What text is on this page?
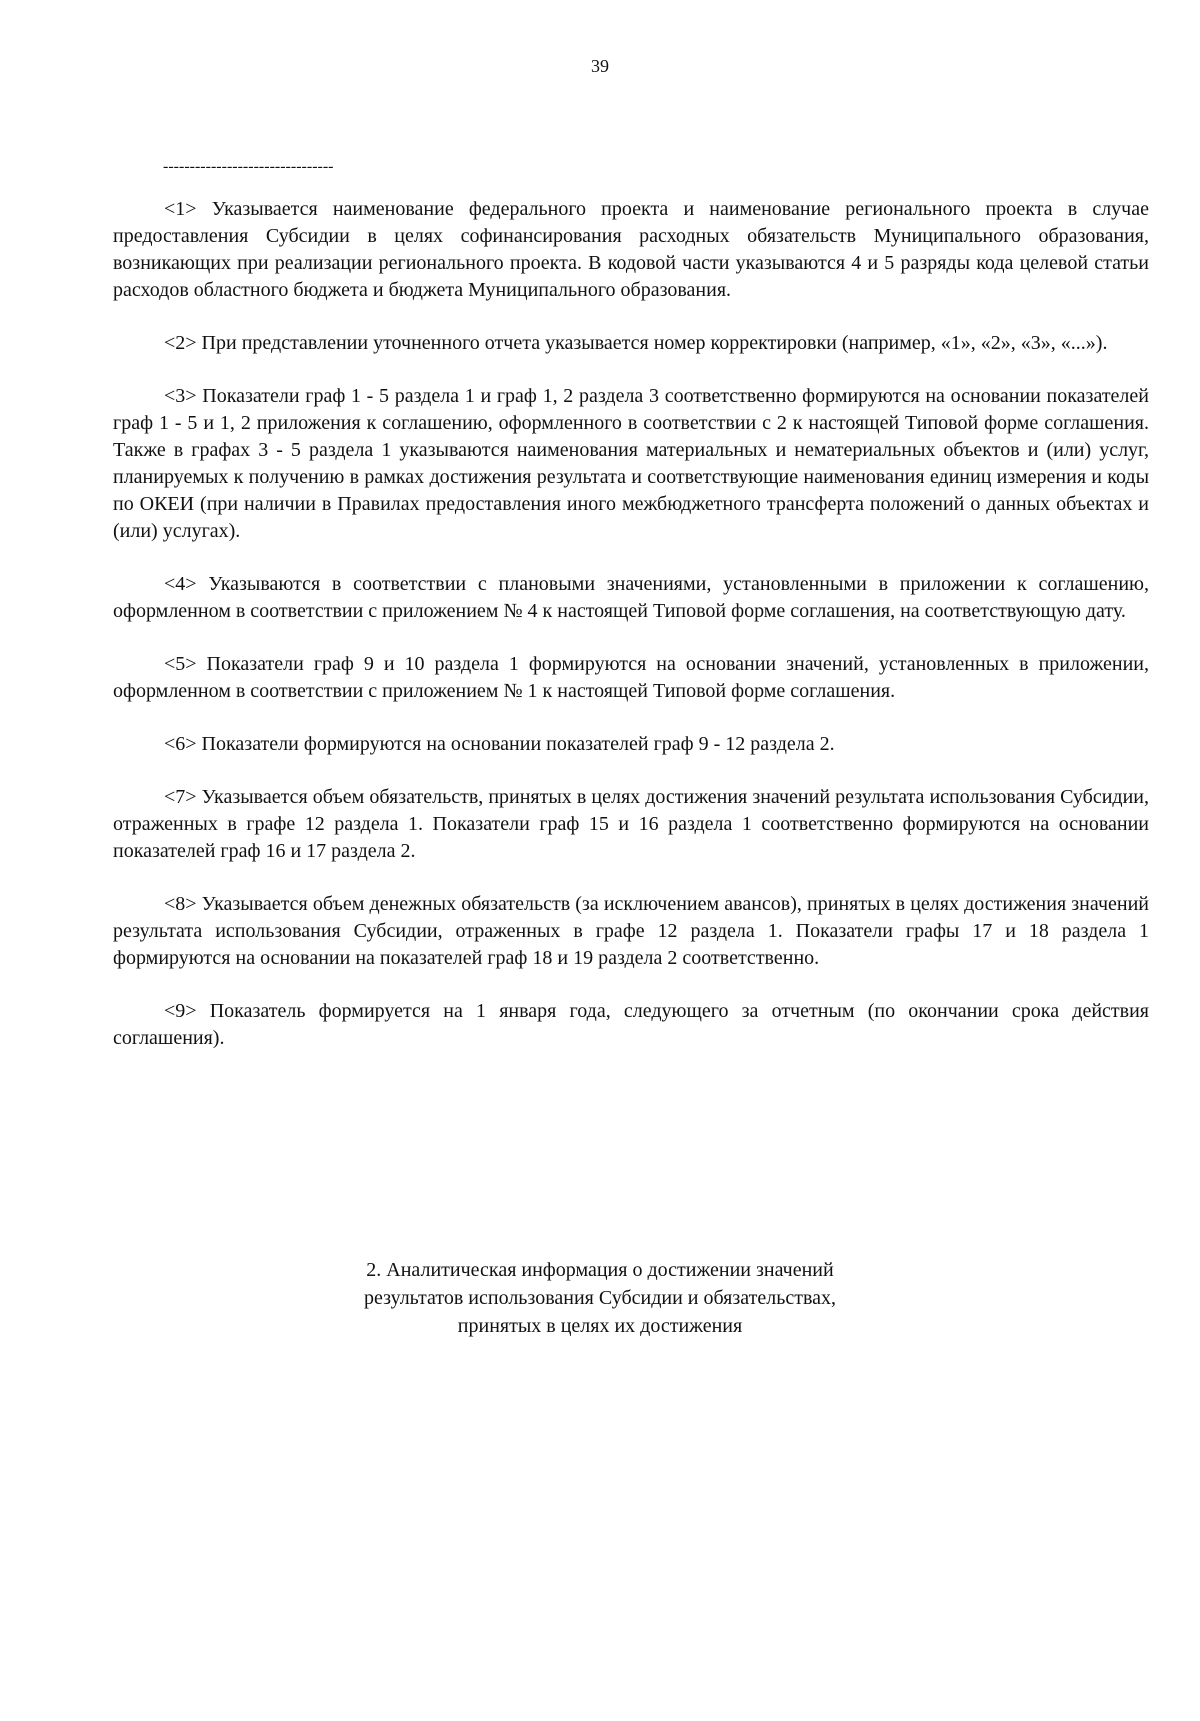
39
--------------------------------

<1> Указывается наименование федерального проекта и наименование регионального проекта в случае предоставления Субсидии в целях софинансирования расходных обязательств Муниципального образования, возникающих при реализации регионального проекта. В кодовой части указываются 4 и 5 разряды кода целевой статьи расходов областного бюджета и бюджета Муниципального образования.

<2> При представлении уточненного отчета указывается номер корректировки (например, «1», «2», «3», «...»).

<3> Показатели граф 1 - 5 раздела 1 и граф 1, 2 раздела 3 соответственно формируются на основании показателей граф 1 - 5 и 1, 2 приложения к соглашению, оформленного в соответствии с 2 к настоящей Типовой форме соглашения. Также в графах 3 - 5 раздела 1 указываются наименования материальных и нематериальных объектов и (или) услуг, планируемых к получению в рамках достижения результата и соответствующие наименования единиц измерения и коды по ОКЕИ (при наличии в Правилах предоставления иного межбюджетного трансферта положений о данных объектах и (или) услугах).

<4> Указываются в соответствии с плановыми значениями, установленными в приложении к соглашению, оформленном в соответствии с приложением № 4 к настоящей Типовой форме соглашения, на соответствующую дату.

<5> Показатели граф 9 и 10 раздела 1 формируются на основании значений, установленных в приложении, оформленном в соответствии с приложением № 1 к настоящей Типовой форме соглашения.

<6> Показатели формируются на основании показателей граф 9 - 12 раздела 2.

<7> Указывается объем обязательств, принятых в целях достижения значений результата использования Субсидии, отраженных в графе 12 раздела 1. Показатели граф 15 и 16 раздела 1 соответственно формируются на основании показателей граф 16 и 17 раздела 2.

<8> Указывается объем денежных обязательств (за исключением авансов), принятых в целях достижения значений результата использования Субсидии, отраженных в графе 12 раздела 1. Показатели графы 17 и 18 раздела 1 формируются на основании на показателей граф 18 и 19 раздела 2 соответственно.

<9> Показатель формируется на 1 января года, следующего за отчетным (по окончании срока действия соглашения).

2. Аналитическая информация о достижении значений
результатов использования Субсидии и обязательствах,
принятых в целях их достижения
